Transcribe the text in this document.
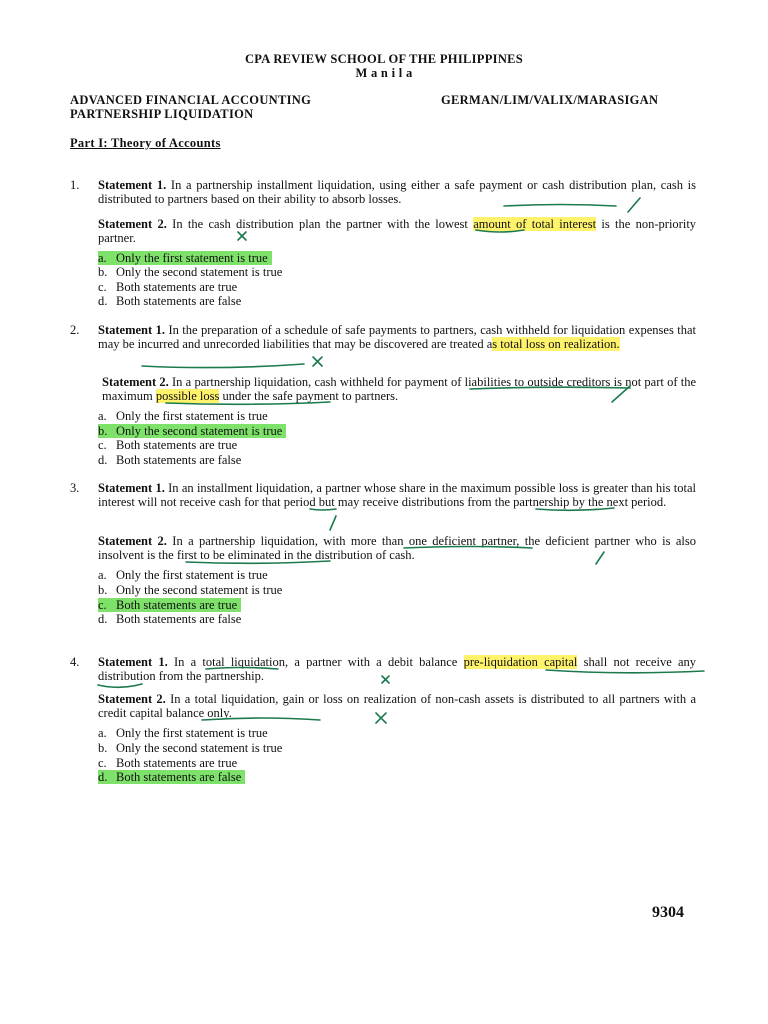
CPA REVIEW SCHOOL OF THE PHILIPPINES
M a n i l a
ADVANCED FINANCIAL ACCOUNTING	GERMAN/LIM/VALIX/MARASIGAN
PARTNERSHIP LIQUIDATION
Part I: Theory of Accounts
1. Statement 1. In a partnership installment liquidation, using either a safe payment or cash distribution plan, cash is distributed to partners based on their ability to absorb losses.
Statement 2. In the cash distribution plan the partner with the lowest amount of total interest is the non-priority partner.
a. Only the first statement is true
b. Only the second statement is true
c. Both statements are true
d. Both statements are false
2. Statement 1. In the preparation of a schedule of safe payments to partners, cash withheld for liquidation expenses that may be incurred and unrecorded liabilities that may be discovered are treated as total loss on realization.
Statement 2. In a partnership liquidation, cash withheld for payment of liabilities to outside creditors is not part of the maximum possible loss under the safe payment to partners.
a. Only the first statement is true
b. Only the second statement is true
c. Both statements are true
d. Both statements are false
3. Statement 1. In an installment liquidation, a partner whose share in the maximum possible loss is greater than his total interest will not receive cash for that period but may receive distributions from the partnership by the next period.
Statement 2. In a partnership liquidation, with more than one deficient partner, the deficient partner who is also insolvent is the first to be eliminated in the distribution of cash.
a. Only the first statement is true
b. Only the second statement is true
c. Both statements are true
d. Both statements are false
4. Statement 1. In a total liquidation, a partner with a debit balance pre-liquidation capital shall not receive any distribution from the partnership.
Statement 2. In a total liquidation, gain or loss on realization of non-cash assets is distributed to all partners with a credit capital balance only.
a. Only the first statement is true
b. Only the second statement is true
c. Both statements are true
d. Both statements are false
9304
